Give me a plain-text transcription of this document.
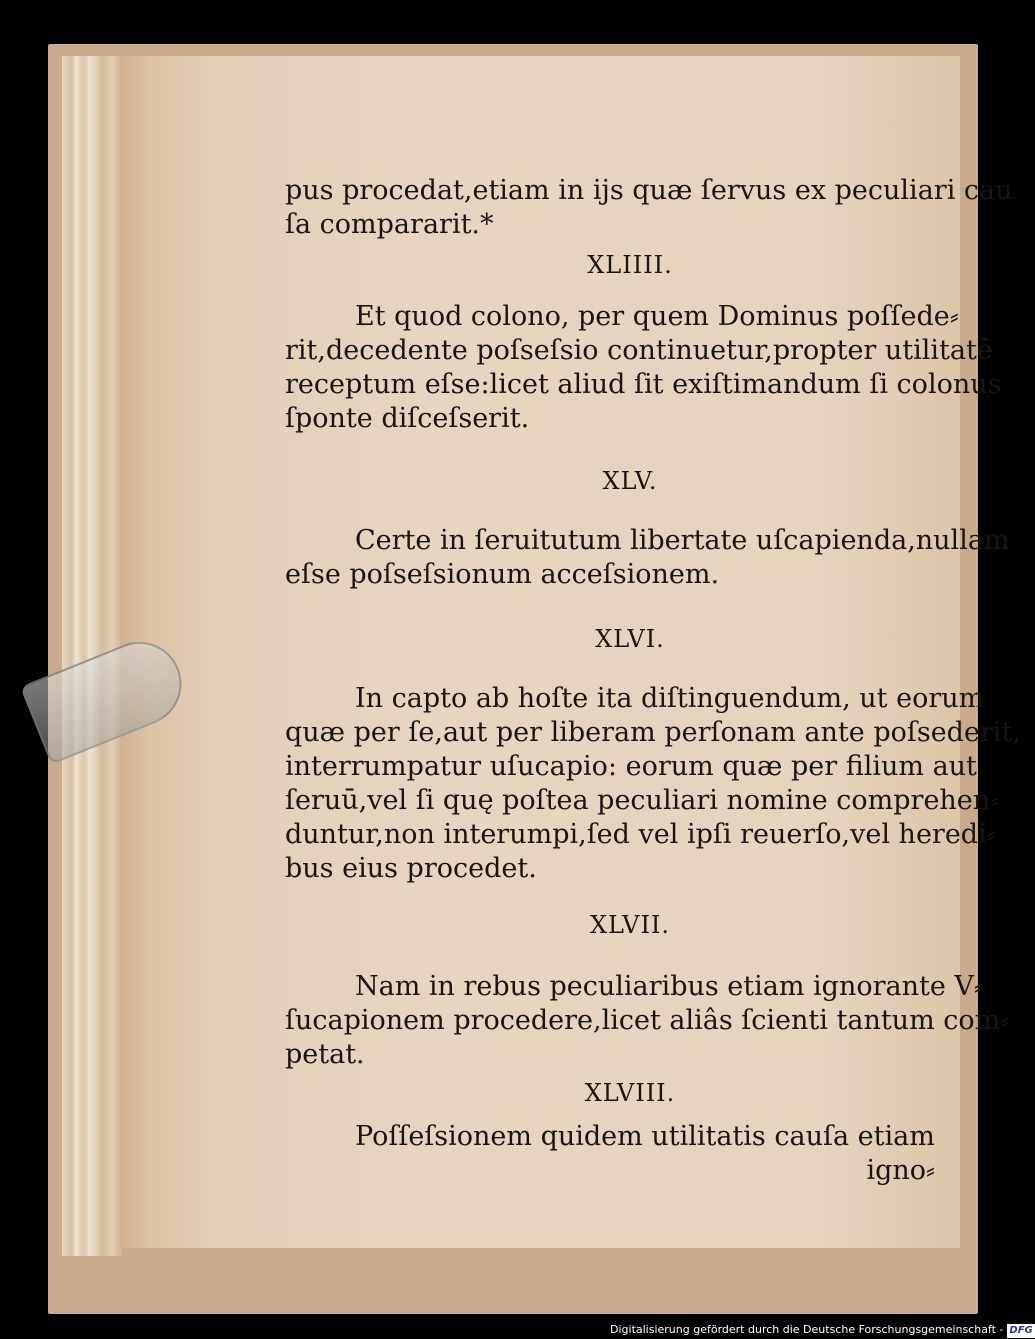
pus procedat,etiam in ijs quæ ſervus ex peculiari cau
ſa compararit.*
XLIIII.
Et quod colono, per quem Dominus poſſede⸗
rit,decedente poſseſsio continuetur,propter utilitatē
receptum eſse:licet aliud ſit exiſtimandum ſi colonus
ſponte diſceſserit.
XLV.
Certe in ſeruitutum libertate uſcapienda,nullam
eſse poſseſsionum acceſsionem.
XLVI.
In capto ab hoſte ita diſtinguendum, ut eorum
quæ per ſe,aut per liberam perſonam ante poſsederit,
interrumpatur uſucapio: eorum quæ per filium aut
ſeruū,vel ſi quę poſtea peculiari nomine comprehen⸗
duntur,non interumpi,ſed vel ipſi reuerſo,vel heredi⸗
bus eius procedet.
XLVII.
Nam in rebus peculiaribus etiam ignorante V⸗
ſucapionem procedere,licet aliâs ſcienti tantum com⸗
petat.
XLVIII.
Poſſeſsionem quidem utilitatis cauſa etiam
igno⸗
Digitalisierung gefördert durch die Deutsche Forschungsgemeinschaft - DFG
